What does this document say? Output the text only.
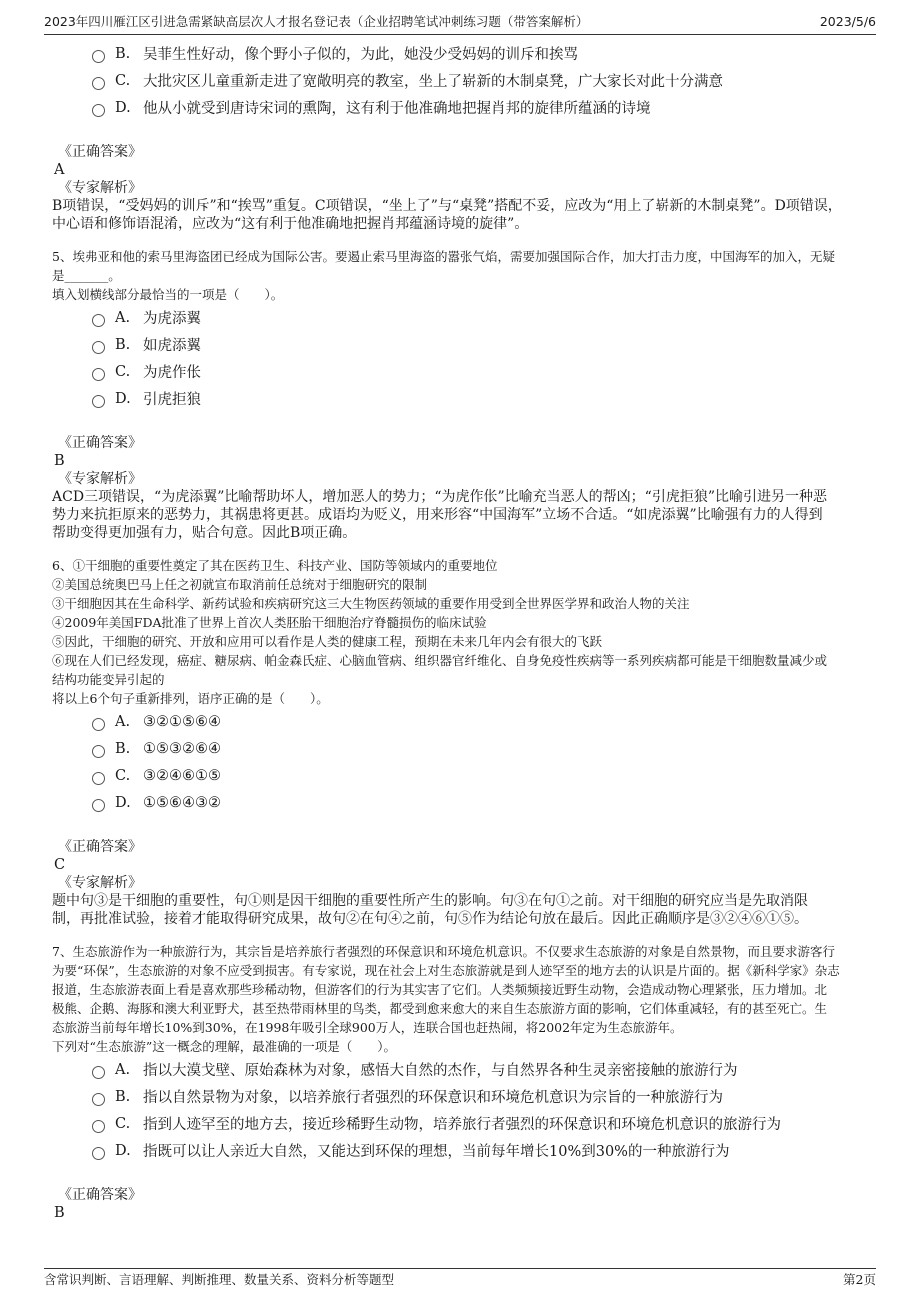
2023年四川雁江区引进急需紧缺高层次人才报名登记表（企业招聘笔试冲刺练习题（带答案解析）	2023/5/6
B. 吴菲生性好动，像个野小子似的，为此，她没少受妈妈的训斥和挨骂
C. 大批灾区儿童重新走进了宽敞明亮的教室，坐上了崭新的木制桌凳，广大家长对此十分满意
D. 他从小就受到唐诗宋词的熏陶，这有利于他准确地把握肖邦的旋律所蕴涵的诗境
《正确答案》
A
《专家解析》
B项错误，“受妈妈的训斥”和“挨骂”重复。C项错误，“坐上了”与“桌凳”搭配不妥，应改为“用上了崭新的木制桌凳”。D项错误，
中心语和修饰语混淆，应改为“这有利于他准确地把握肖邦蕴涵诗境的旋律”。
5、埃弗亚和他的索马里海盗团已经成为国际公害。要遏止索马里海盗的嚣张气焰，需要加强国际合作，加大打击力度，中国海军的加入，无疑
是_______。
填入划横线部分最恰当的一项是（　　）。
A. 为虎添翼
B. 如虎添翼
C. 为虎作伥
D. 引虎拒狼
《正确答案》
B
《专家解析》
ACD三项错误，“为虎添翼”比喻帮助坏人，增加恶人的势力；“为虎作伥”比喻充当恶人的帮凶；“引虎拒狼”比喻引进另一种恶
势力来抗拒原来的恶势力，其祸患将更甚。成语均为贬义，用来形容“中国海军”立场不合适。“如虎添翼”比喻强有力的人得到
帮助变得更加强有力，贴合句意。因此B项正确。
6、①干细胞的重要性奠定了其在医药卫生、科技产业、国防等领域内的重要地位
②美国总统奥巴马上任之初就宣布取消前任总统对于细胞研究的限制
③干细胞因其在生命科学、新药试验和疾病研究这三大生物医药领域的重要作用受到全世界医学界和政治人物的关注
④2009年美国FDA批准了世界上首次人类胚胎干细胞治疗脊髓损伤的临床试验
⑤因此，干细胞的研究、开放和应用可以看作是人类的健康工程，预期在未来几年内会有很大的飞跃
⑥现在人们已经发现，癌症、糖尿病、帕金森氏症、心脑血管病、组织器官纤维化、自身免疫性疾病等一系列疾病都可能是干细胞数量减少或
结构功能变异引起的
将以上6个句子重新排列，语序正确的是（　　）。
A. ③②①⑤⑥④
B. ①⑤③②⑥④
C. ③②④⑥①⑤
D. ①⑤⑥④③②
《正确答案》
C
《专家解析》
题中句③是干细胞的重要性，句①则是因干细胞的重要性所产生的影响。句③在句①之前。对干细胞的研究应当是先取消限
制，再批准试验，接着才能取得研究成果，故句②在句④之前，句⑤作为结论句放在最后。因此正确顺序是③②④⑥①⑤。
7、生态旅游作为一种旅游行为，其宗旨是培养旅行者强烈的环保意识和环境危机意识。不仅要求生态旅游的对象是自然景物，而且要求游客行
为要“环保”，生态旅游的对象不应受到损害。有专家说，现在社会上对生态旅游就是到人迹罕至的地方去的认识是片面的。据《新科学家》杂志
报道，生态旅游表面上看是喜欢那些珍稀动物，但游客们的行为其实害了它们。人类频频接近野生动物，会造成动物心理紧张，压力增加。北
极熊、企鹅、海豚和澳大利亚野犬，甚至热带雨林里的鸟类，都受到愈来愈大的来自生态旅游方面的影响，它们体重减轻，有的甚至死亡。生
态旅游当前每年增长10%到30%，在1998年吸引全球900万人，连联合国也赶热闹，将2002年定为生态旅游年。
下列对“生态旅游”这一概念的理解，最准确的一项是（　　）。
A. 指以大漠戈壁、原始森林为对象，感悟大自然的杰作，与自然界各种生灵亲密接触的旅游行为
B. 指以自然景物为对象，以培养旅行者强烈的环保意识和环境危机意识为宗旨的一种旅游行为
C. 指到人迹罕至的地方去，接近珍稀野生动物，培养旅行者强烈的环保意识和环境危机意识的旅游行为
D. 指既可以让人亲近大自然，又能达到环保的理想，当前每年增长10%到30%的一种旅游行为
《正确答案》
B
含常识判断、言语理解、判断推理、数量关系、资料分析等题型	第2页
